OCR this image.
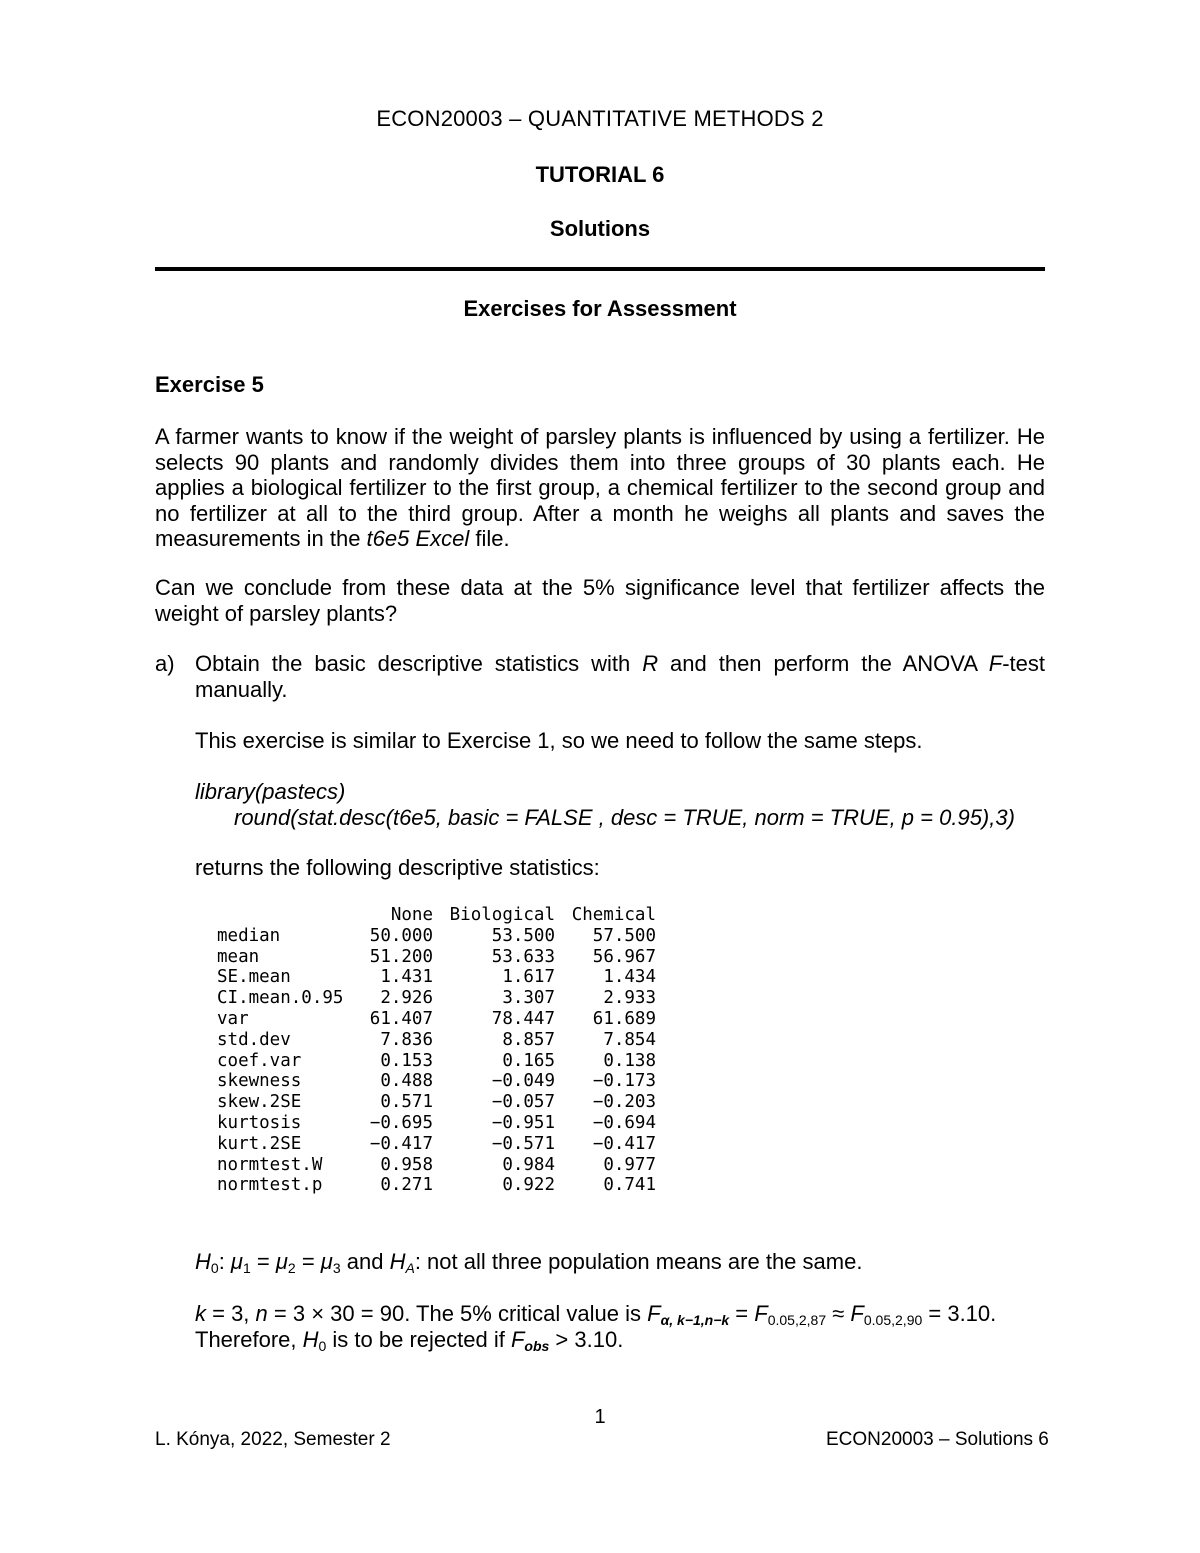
ECON20003 – QUANTITATIVE METHODS 2
TUTORIAL 6
Solutions
Exercises for Assessment
Exercise 5
A farmer wants to know if the weight of parsley plants is influenced by using a fertilizer. He selects 90 plants and randomly divides them into three groups of 30 plants each. He applies a biological fertilizer to the first group, a chemical fertilizer to the second group and no fertilizer at all to the third group. After a month he weighs all plants and saves the measurements in the t6e5 Excel file.
Can we conclude from these data at the 5% significance level that fertilizer affects the weight of parsley plants?
a) Obtain the basic descriptive statistics with R and then perform the ANOVA F-test manually.
This exercise is similar to Exercise 1, so we need to follow the same steps.
library(pastecs)
round(stat.desc(t6e5, basic = FALSE , desc = TRUE, norm = TRUE, p = 0.95),3)
returns the following descriptive statistics:
	None	Biological	Chemical
median	50.000	53.500	57.500
mean	51.200	53.633	56.967
SE.mean	1.431	1.617	1.434
CI.mean.0.95	2.926	3.307	2.933
var	61.407	78.447	61.689
std.dev	7.836	8.857	7.854
coef.var	0.153	0.165	0.138
skewness	0.488	−0.049	−0.173
skew.2SE	0.571	−0.057	−0.203
kurtosis	−0.695	−0.951	−0.694
kurt.2SE	−0.417	−0.571	−0.417
normtest.W	0.958	0.984	0.977
normtest.p	0.271	0.922	0.741
$H_0$: $\mu_1 = \mu_2 = \mu_3$ and $H_A$: not all three population means are the same.
k = 3, n = 3 × 30 = 90. The 5% critical value is $F_{\alpha, k-1,n-k} = F_{0.05,2,87} \approx F_{0.05,2,90} = 3.10$.
Therefore, $H_0$ is to be rejected if $F_{obs} > 3.10$.
1
L. Kónya, 2022, Semester 2	ECON20003 – Solutions 6
